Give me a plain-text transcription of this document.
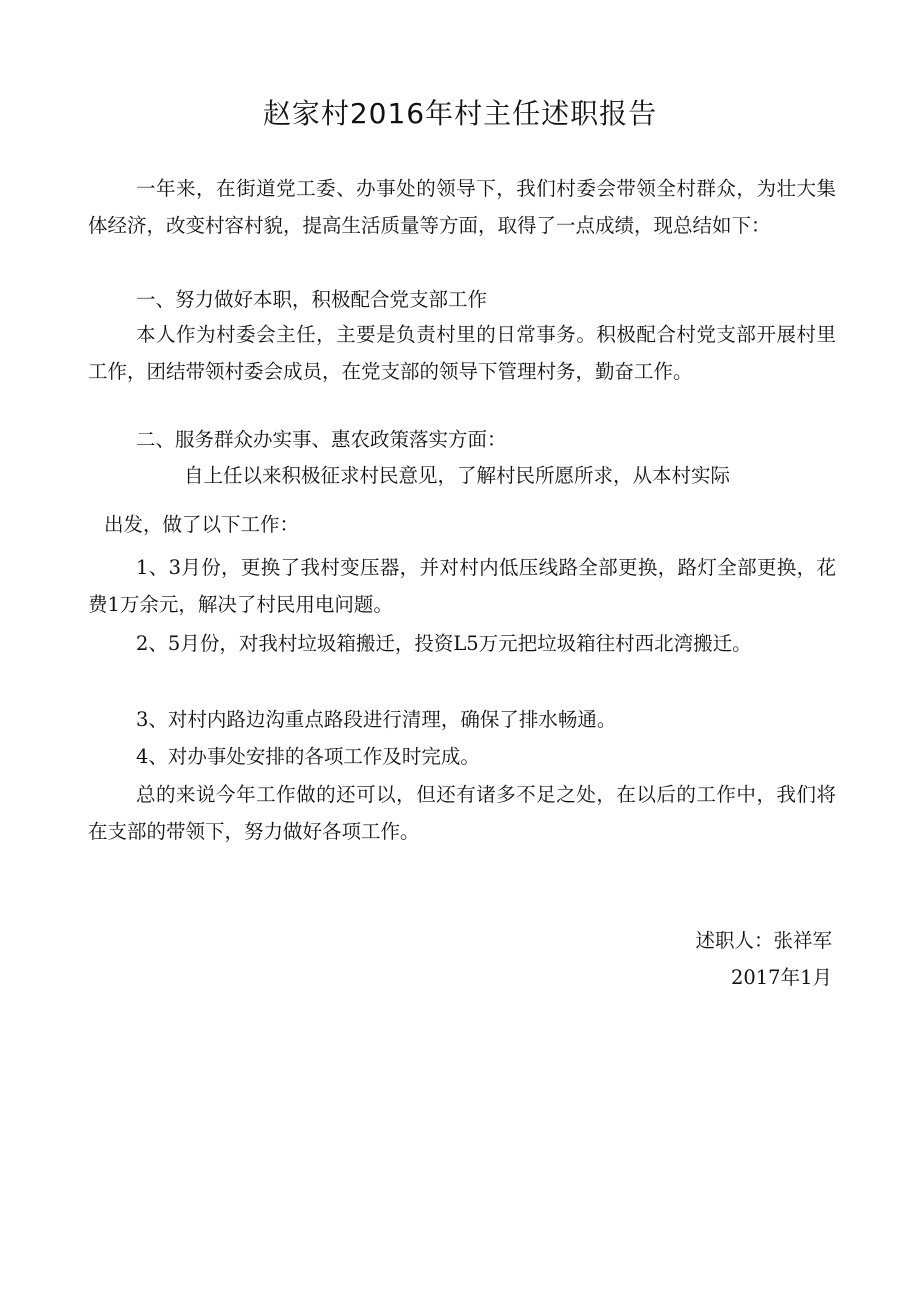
赵家村2016年村主任述职报告

一年来，在街道党工委、办事处的领导下，我们村委会带领全村群众，为壮大集体经济，改变村容村貌，提高生活质量等方面，取得了一点成绩，现总结如下：

一、努力做好本职，积极配合党支部工作

本人作为村委会主任，主要是负责村里的日常事务。积极配合村党支部开展村里工作，团结带领村委会成员，在党支部的领导下管理村务，勤奋工作。

二、服务群众办实事、惠农政策落实方面：

自上任以来积极征求村民意见，了解村民所愿所求，从本村实际

出发，做了以下工作：

1、3月份，更换了我村变压器，并对村内低压线路全部更换，路灯全部更换，花费1万余元，解决了村民用电问题。

2、5月份，对我村垃圾箱搬迁，投资L5万元把垃圾箱往村西北湾搬迁。

3、对村内路边沟重点路段进行清理，确保了排水畅通。

4、对办事处安排的各项工作及时完成。

总的来说今年工作做的还可以，但还有诸多不足之处，在以后的工作中，我们将在支部的带领下，努力做好各项工作。

述职人：张祥军

2017年1月
